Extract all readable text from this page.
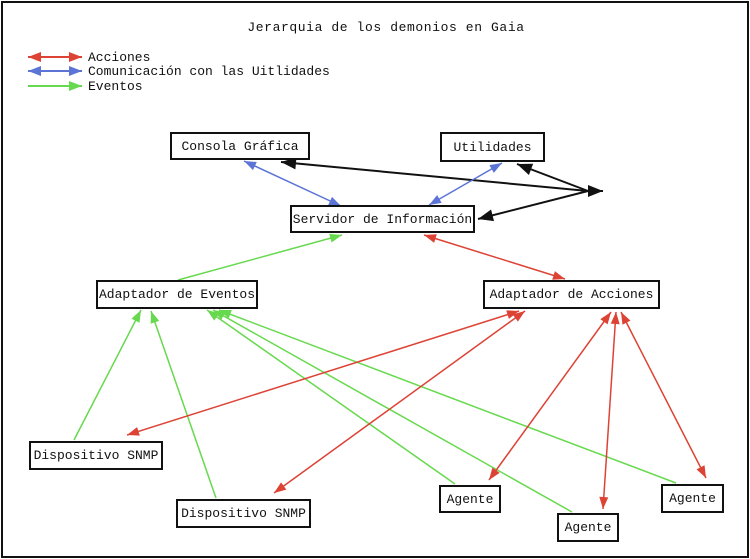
Jerarquia de los demonios en Gaia
Acciones
Comunicación con las Uitlidades
Eventos
Consola Gráfica	Utilidades
Servidor de Información
Adaptador de Eventos	Adaptador de Acciones
Dispositivo SNMP
Dispositivo SNMP
Agente
Agente
Agente
